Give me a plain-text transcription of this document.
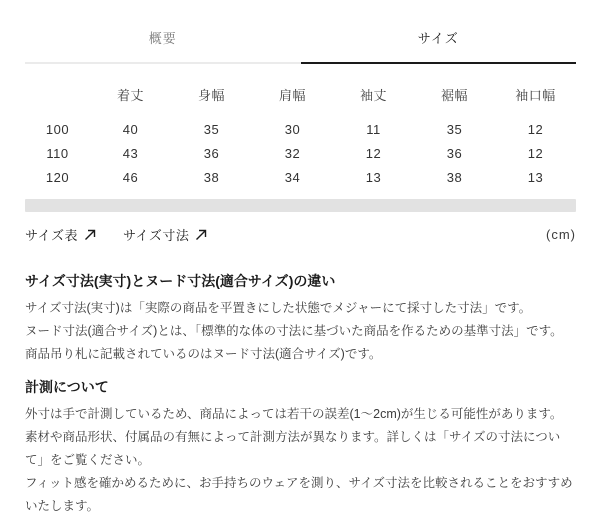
概要	サイズ
	着丈	身幅	肩幅	袖丈	裾幅	袖口幅
100	40	35	30	11	35	12
110	43	36	32	12	36	12
120	46	38	34	13	38	13
サイズ表	サイズ寸法	(cm)
サイズ寸法(実寸)とヌード寸法(適合サイズ)の違い

サイズ寸法(実寸)は「実際の商品を平置きにした状態でメジャーにて採寸した寸法」です。

ヌード寸法(適合サイズ)とは、「標準的な体の寸法に基づいた商品を作るための基準寸法」です。

商品吊り札に記載されているのはヌード寸法(適合サイズ)です。

計測について

外寸は手で計測しているため、商品によっては若干の誤差(1〜2cm)が生じる可能性があります。

素材や商品形状、付属品の有無によって計測方法が異なります。詳しくは「サイズの寸法について」をご覧ください。

フィット感を確かめるために、お手持ちのウェアを測り、サイズ寸法を比較されることをおすすめいたします。
